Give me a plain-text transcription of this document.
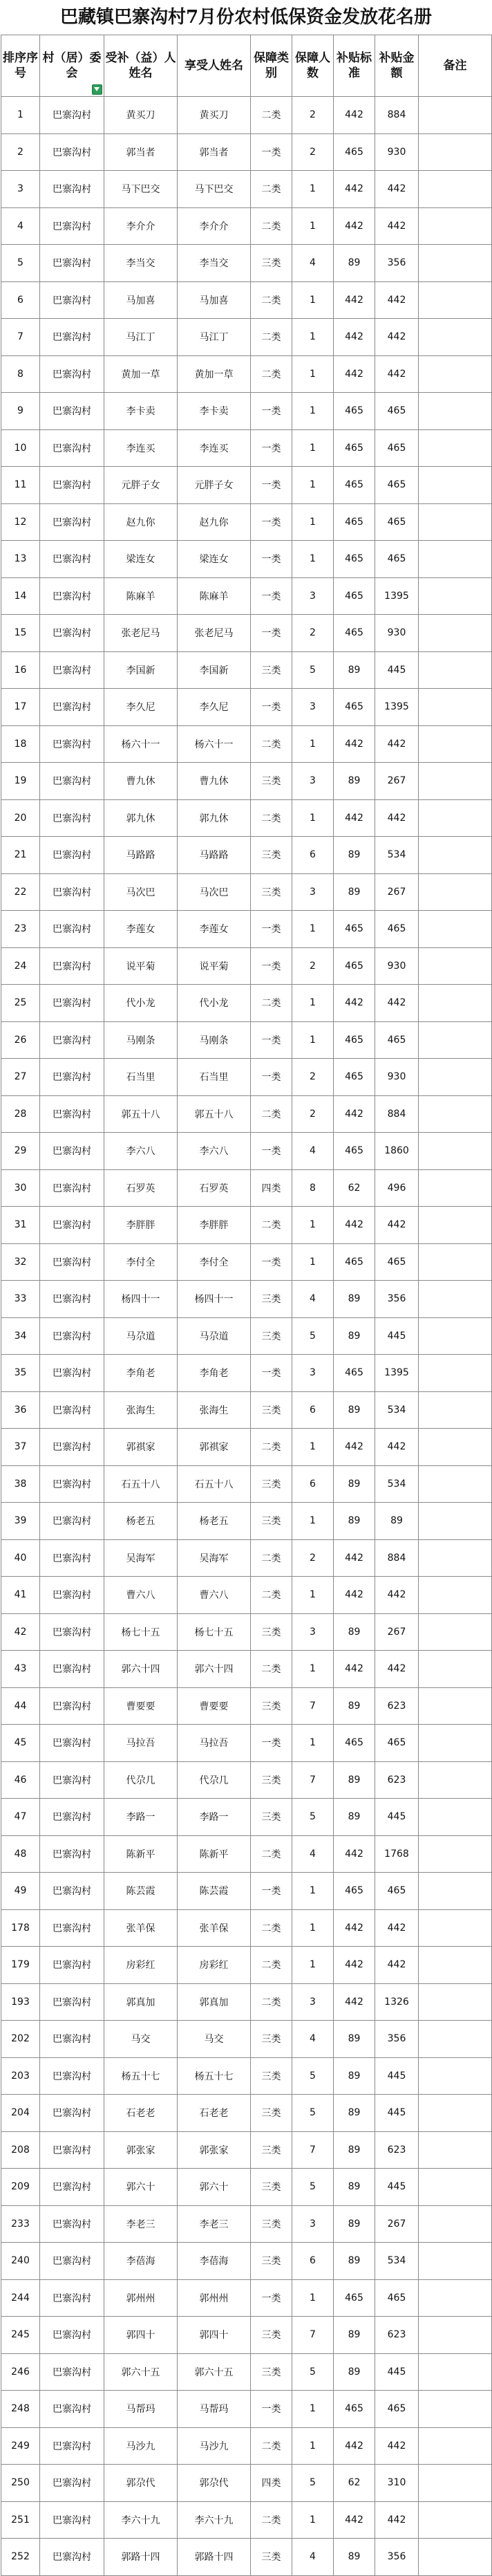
巴藏镇巴寨沟村7月份农村低保资金发放花名册
排序序号	村（居）委会	受补（益）人姓名	享受人姓名	保障类别	保障人数	补贴标准	补贴金额	备注
1	巴寨沟村	黄买刀	黄买刀	二类	2	442	884	
2	巴寨沟村	郭当者	郭当者	一类	2	465	930	
3	巴寨沟村	马下巴交	马下巴交	二类	1	442	442	
4	巴寨沟村	李介介	李介介	二类	1	442	442	
5	巴寨沟村	李当交	李当交	三类	4	89	356	
6	巴寨沟村	马加喜	马加喜	二类	1	442	442	
7	巴寨沟村	马江丁	马江丁	二类	1	442	442	
8	巴寨沟村	黄加一草	黄加一草	二类	1	442	442	
9	巴寨沟村	李卡卖	李卡卖	一类	1	465	465	
10	巴寨沟村	李连买	李连买	一类	1	465	465	
11	巴寨沟村	元胖子女	元胖子女	一类	1	465	465	
12	巴寨沟村	赵九你	赵九你	一类	1	465	465	
13	巴寨沟村	梁连女	梁连女	一类	1	465	465	
14	巴寨沟村	陈麻羊	陈麻羊	一类	3	465	1395	
15	巴寨沟村	张老尼马	张老尼马	一类	2	465	930	
16	巴寨沟村	李国新	李国新	三类	5	89	445	
17	巴寨沟村	李久尼	李久尼	一类	3	465	1395	
18	巴寨沟村	杨六十一	杨六十一	二类	1	442	442	
19	巴寨沟村	曹九休	曹九休	三类	3	89	267	
20	巴寨沟村	郭九休	郭九休	二类	1	442	442	
21	巴寨沟村	马路路	马路路	三类	6	89	534	
22	巴寨沟村	马次巴	马次巴	三类	3	89	267	
23	巴寨沟村	李莲女	李莲女	一类	1	465	465	
24	巴寨沟村	说平菊	说平菊	一类	2	465	930	
25	巴寨沟村	代小龙	代小龙	二类	1	442	442	
26	巴寨沟村	马刚条	马刚条	一类	1	465	465	
27	巴寨沟村	石当里	石当里	一类	2	465	930	
28	巴寨沟村	郭五十八	郭五十八	二类	2	442	884	
29	巴寨沟村	李六八	李六八	一类	4	465	1860	
30	巴寨沟村	石罗英	石罗英	四类	8	62	496	
31	巴寨沟村	李胖胖	李胖胖	二类	1	442	442	
32	巴寨沟村	李付全	李付全	一类	1	465	465	
33	巴寨沟村	杨四十一	杨四十一	三类	4	89	356	
34	巴寨沟村	马尕道	马尕道	三类	5	89	445	
35	巴寨沟村	李角老	李角老	一类	3	465	1395	
36	巴寨沟村	张海生	张海生	三类	6	89	534	
37	巴寨沟村	郭祺家	郭祺家	二类	1	442	442	
38	巴寨沟村	石五十八	石五十八	三类	6	89	534	
39	巴寨沟村	杨老五	杨老五	三类	1	89	89	
40	巴寨沟村	吴海军	吴海军	二类	2	442	884	
41	巴寨沟村	曹六八	曹六八	二类	1	442	442	
42	巴寨沟村	杨七十五	杨七十五	三类	3	89	267	
43	巴寨沟村	郭六十四	郭六十四	二类	1	442	442	
44	巴寨沟村	曹要要	曹要要	三类	7	89	623	
45	巴寨沟村	马拉吾	马拉吾	一类	1	465	465	
46	巴寨沟村	代尕几	代尕几	三类	7	89	623	
47	巴寨沟村	李路一	李路一	三类	5	89	445	
48	巴寨沟村	陈新平	陈新平	二类	4	442	1768	
49	巴寨沟村	陈芸霞	陈芸霞	一类	1	465	465	
178	巴寨沟村	张羊保	张羊保	二类	1	442	442	
179	巴寨沟村	房彩红	房彩红	二类	1	442	442	
193	巴寨沟村	郭真加	郭真加	二类	3	442	1326	
202	巴寨沟村	马交	马交	三类	4	89	356	
203	巴寨沟村	杨五十七	杨五十七	三类	5	89	445	
204	巴寨沟村	石老老	石老老	三类	5	89	445	
208	巴寨沟村	郭张家	郭张家	三类	7	89	623	
209	巴寨沟村	郭六十	郭六十	三类	5	89	445	
233	巴寨沟村	李老三	李老三	三类	3	89	267	
240	巴寨沟村	李蓓海	李蓓海	三类	6	89	534	
244	巴寨沟村	郭州州	郭州州	一类	1	465	465	
245	巴寨沟村	郭四十	郭四十	三类	7	89	623	
246	巴寨沟村	郭六十五	郭六十五	三类	5	89	445	
248	巴寨沟村	马帮玛	马帮玛	一类	1	465	465	
249	巴寨沟村	马沙九	马沙九	二类	1	442	442	
250	巴寨沟村	郭尕代	郭尕代	四类	5	62	310	
251	巴寨沟村	李六十九	李六十九	二类	1	442	442	
252	巴寨沟村	郭路十四	郭路十四	三类	4	89	356	
